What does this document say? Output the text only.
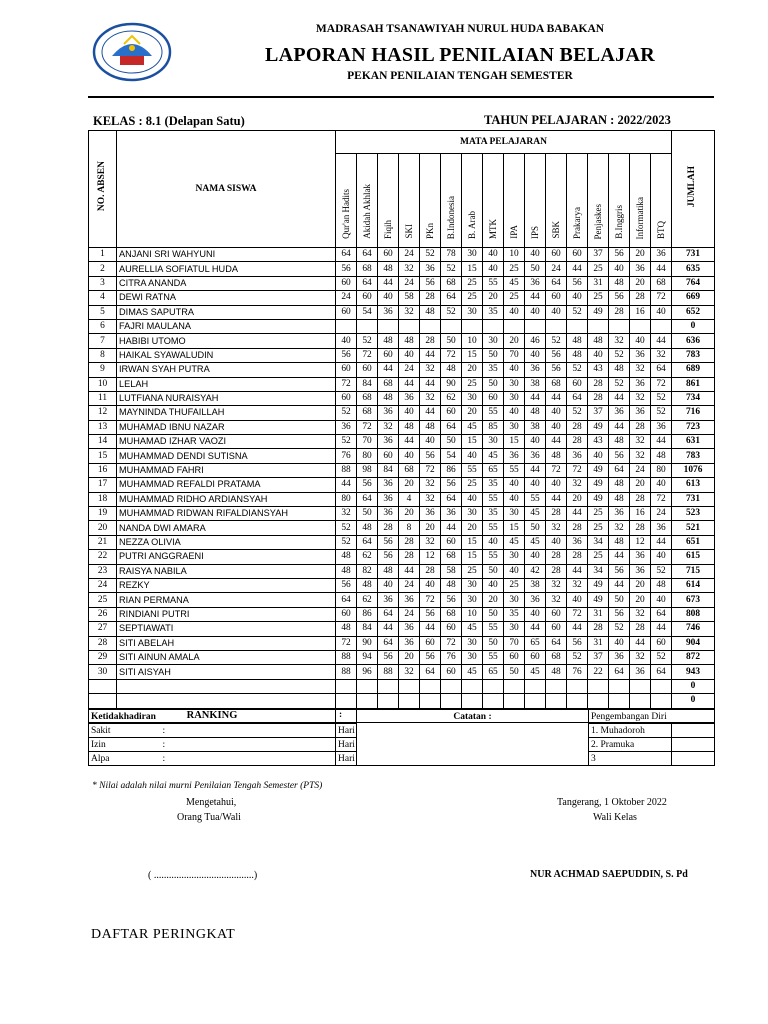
MADRASAH TSANAWIYAH NURUL HUDA BABAKAN
LAPORAN HASIL PENILAIAN BELAJAR
PEKAN PENILAIAN TENGAH SEMESTER
KELAS : 8.1 (Delapan Satu)	TAHUN PELAJARAN : 2022/2023
NO. ABSEN	NAMA SISWA	MATA PELAJARAN																JUMLAH
		Qur'an Hadits	Akidah Akhlak	Fiqih	SKI	PKn	B.Indonesia	B. Arab	MTK	IPA	IPS	SBK	Prakarya	Penjaskes	B.Inggris	Informatika	BTQ	
1	ANJANI SRI WAHYUNI	64	64	60	24	52	78	30	40	10	40	60	60	37	56	20	36	731
2	AURELLIA SOFIATUL HUDA	56	68	48	32	36	52	15	40	25	50	24	44	25	40	36	44	635
3	CITRA ANANDA	60	64	44	24	56	68	25	55	45	36	64	56	31	48	20	68	764
4	DEWI RATNA	24	60	40	58	28	64	25	20	25	44	60	40	25	56	28	72	669
5	DIMAS SAPUTRA	60	54	36	32	48	52	30	35	40	40	40	52	49	28	16	40	652
6	FAJRI MAULANA																	0
7	HABIBI UTOMO	40	52	48	48	28	50	10	30	20	46	52	48	48	32	40	44	636
8	HAIKAL SYAWALUDIN	56	72	60	40	44	72	15	50	70	40	56	48	40	52	36	32	783
9	IRWAN SYAH PUTRA	60	60	44	24	32	48	20	35	40	36	56	52	43	48	32	64	689
10	LELAH	72	84	68	44	44	90	25	50	30	38	68	60	28	52	36	72	861
11	LUTFIANA NURAISYAH	60	68	48	36	32	62	30	60	30	44	44	64	28	44	32	52	734
12	MAYNINDA THUFAILLAH	52	68	36	40	44	60	20	55	40	48	40	52	37	36	36	52	716
13	MUHAMAD IBNU NAZAR	36	72	32	48	48	64	45	85	30	38	40	28	49	44	28	36	723
14	MUHAMAD IZHAR VAOZI	52	70	36	44	40	50	15	30	15	40	44	28	43	48	32	44	631
15	MUHAMMAD DENDI SUTISNA	76	80	60	40	56	54	40	45	36	36	48	36	40	56	32	48	783
16	MUHAMMAD FAHRI	88	98	84	68	72	86	55	65	55	44	72	72	49	64	24	80	1076
17	MUHAMMAD REFALDI PRATAMA	44	56	36	20	32	56	25	35	40	40	40	32	49	48	20	40	613
18	MUHAMMAD RIDHO ARDIANSYAH	80	64	36	4	32	64	40	55	40	55	44	20	49	48	28	72	731
19	MUHAMMAD RIDWAN RIFALDIANSYAH	32	50	36	20	36	36	30	35	30	45	28	44	25	36	16	24	523
20	NANDA DWI AMARA	52	48	28	8	20	44	20	55	15	50	32	28	25	32	28	36	521
21	NEZZA OLIVIA	52	64	56	28	32	60	15	40	45	45	40	36	34	48	12	44	651
22	PUTRI ANGGRAENI	48	62	56	28	12	68	15	55	30	40	28	28	25	44	36	40	615
23	RAISYA NABILA	48	82	48	44	28	58	25	50	40	42	28	44	34	56	36	52	715
24	REZKY	56	48	40	24	40	48	30	40	25	38	32	32	49	44	20	48	614
25	RIAN PERMANA	64	62	36	36	72	56	30	20	30	36	32	40	49	50	20	40	673
26	RINDIANI PUTRI	60	86	64	24	56	68	10	50	35	40	60	72	31	56	32	64	808
27	SEPTIAWATI	48	84	44	36	44	60	45	55	30	44	60	44	28	52	28	44	746
28	SITI ABELAH	72	90	64	36	60	72	30	50	70	65	64	56	31	40	44	60	904
29	SITI AINUN AMALA	88	94	56	20	56	76	30	55	60	60	68	52	37	36	32	52	872
30	SITI AISYAH	88	96	88	32	64	60	45	65	50	45	48	76	22	64	36	64	943
																		0
																		0
RANKING		:																
Ketidakhadiran		Catatan :	Pengembangan Diri	
Sakit :	Hari		1. Muhadoroh	
Izin :	Hari		2. Pramuka	
Alpa :	Hari		3	
* Nilai adalah nilai murni Penilaian Tengah Semester (PTS)
Mengetahui,
Orang Tua/Wali
Tangerang, 1 Oktober 2022
Wali Kelas
( ........................................)	NUR ACHMAD SAEPUDDIN, S. Pd
DAFTAR PERINGKAT
